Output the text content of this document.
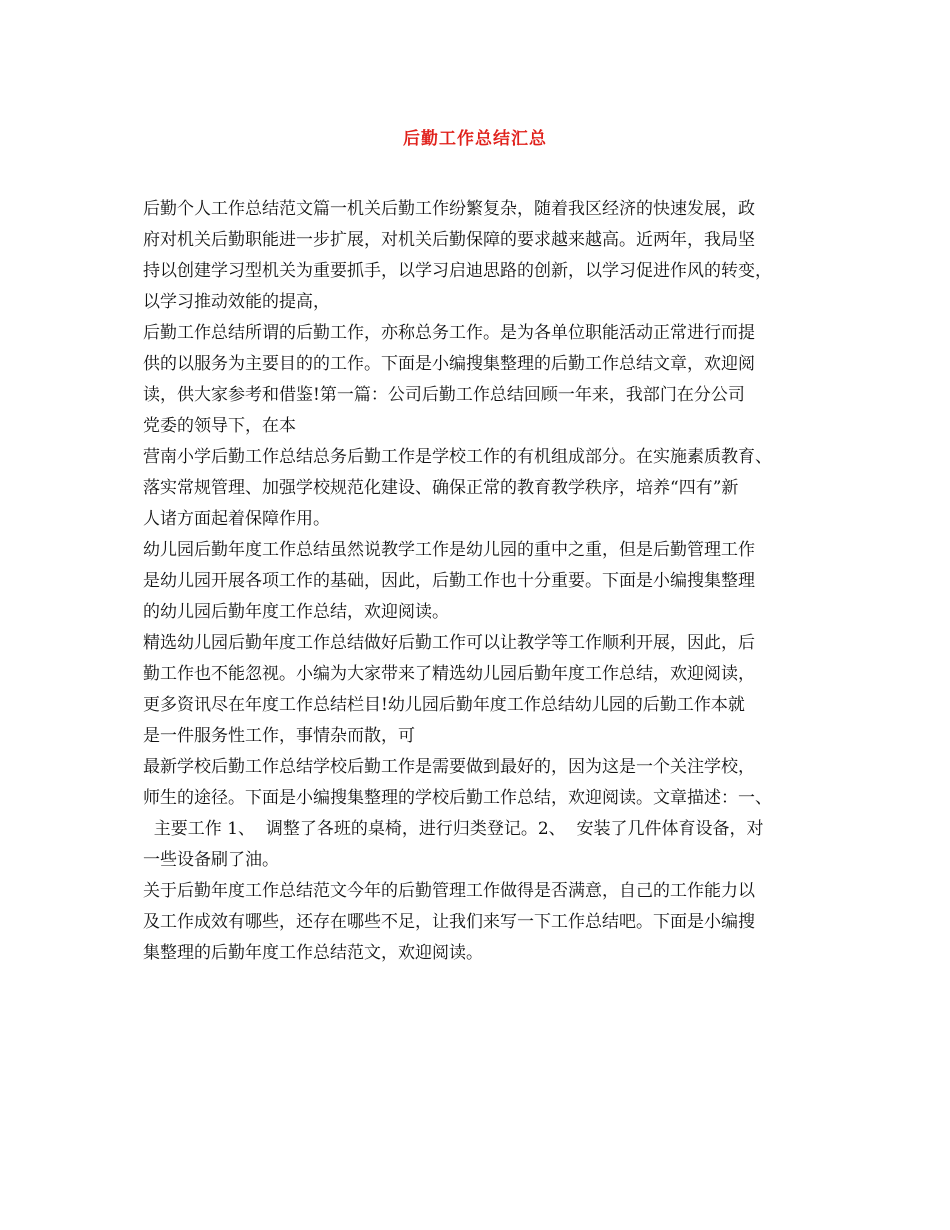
后勤工作总结汇总
后勤个人工作总结范文篇一机关后勤工作纷繁复杂，随着我区经济的快速发展，政
府对机关后勤职能进一步扩展，对机关后勤保障的要求越来越高。近两年，我局坚
持以创建学习型机关为重要抓手，以学习启迪思路的创新，以学习促进作风的转变，
以学习推动效能的提高，
后勤工作总结所谓的后勤工作，亦称总务工作。是为各单位职能活动正常进行而提
供的以服务为主要目的的工作。下面是小编搜集整理的后勤工作总结文章，欢迎阅
读，供大家参考和借鉴!第一篇：公司后勤工作总结回顾一年来，我部门在分公司
党委的领导下，在本
营南小学后勤工作总结总务后勤工作是学校工作的有机组成部分。在实施素质教育、
落实常规管理、加强学校规范化建设、确保正常的教育教学秩序，培养“四有”新
人诸方面起着保障作用。
幼儿园后勤年度工作总结虽然说教学工作是幼儿园的重中之重，但是后勤管理工作
是幼儿园开展各项工作的基础，因此，后勤工作也十分重要。下面是小编搜集整理
的幼儿园后勤年度工作总结，欢迎阅读。
精选幼儿园后勤年度工作总结做好后勤工作可以让教学等工作顺利开展，因此，后
勤工作也不能忽视。小编为大家带来了精选幼儿园后勤年度工作总结，欢迎阅读，
更多资讯尽在年度工作总结栏目!幼儿园后勤年度工作总结幼儿园的后勤工作本就
是一件服务性工作，事情杂而散，可
最新学校后勤工作总结学校后勤工作是需要做到最好的，因为这是一个关注学校，
师生的途径。下面是小编搜集整理的学校后勤工作总结，欢迎阅读。文章描述：一、
主要工作 1、  调整了各班的桌椅，进行归类登记。2、  安装了几件体育设备，对
一些设备刷了油。
关于后勤年度工作总结范文今年的后勤管理工作做得是否满意，自己的工作能力以
及工作成效有哪些，还存在哪些不足，让我们来写一下工作总结吧。下面是小编搜
集整理的后勤年度工作总结范文，欢迎阅读。
